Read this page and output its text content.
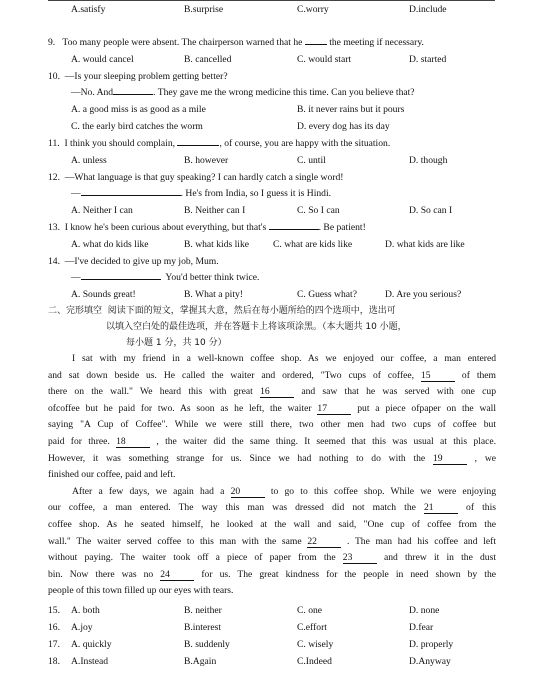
A.satisfy	B.surprise	C.worry	D.include
9. Too many people were absent. The chairperson warned that he	the meeting if necessary.
A. would cancel	B. cancelled	C. would start	D. started
10. —Is your sleeping problem getting better?
—No. And	. They gave me the wrong medicine this time. Can you believe that?
A. a good miss is as good as a mile	B. it never rains but it pours
C. the early bird catches the worm	D. every dog has its day
11. I think you should complain,	, of course, you are happy with the situation.
A. unless	B. however	C. until	D. though
12. —What language is that guy speaking? I can hardly catch a single word!
—	. He's from India, so I guess it is Hindi.
A. Neither I can	B. Neither can I	C. So I can	D. So can I
13. I know he's been curious about everything, but that's	. Be patient!
A. what do kids like	B. what kids like C. what are kids like	D. what kids are like
14. —I've decided to give up my job, Mum.
—	You'd better think twice.
A. Sounds great!	B. What a pity!	C. Guess what?	D. Are you serious?
二、完形填空 阅读下面的短文，掌握其大意，然后在每小题所给的四个选项中，选出可
以填入空白处的最佳选项，并在答题卡上将该项涂黑。（本大题共 10 小题，
每小题 1 分，共 10 分）
I sat with my friend in a well-known coffee shop. As we enjoyed our coffee, a man entered
and sat down beside us. He called the waiter and ordered, "Two cups of coffee, 15	of them
there on the wall." We heard this with great 16	and saw that he was served with one cup
ofcoffee but he paid for two. As soon as he left, the waiter 17	put a piece ofpaper on the wall
saying "A Cup of Coffee". While we were still there, two other men had two cups of coffee but
paid for three. 18	, the waiter did the same thing. It seemed that this was usual at this place.
However, it was something strange for us. Since we had nothing to do with the 19	, we
finished our coffee, paid and left.
After a few days, we again had a 20	to go to this coffee shop. While we were enjoying
our coffee, a man entered. The way this man was dressed did not match the 21	of this
coffee shop. As he seated himself, he looked at the wall and said, "One cup of coffee from the
wall." The waiter served coffee to this man with the same 22	. The man had his coffee and left
without paying. The waiter took off a piece of paper from the 23	and threw it in the dust
bin. Now there was no 24	for us. The great kindness for the people in need shown by the
people of this town filled up our eyes with tears.
15. A. both	B. neither	C. one	D. none
16. A.joy	B.interest	C.effort	D.fear
17. A. quickly	B. suddenly	C. wisely	D. properly
18. A.Instead	B.Again	C.Indeed	D.Anyway
